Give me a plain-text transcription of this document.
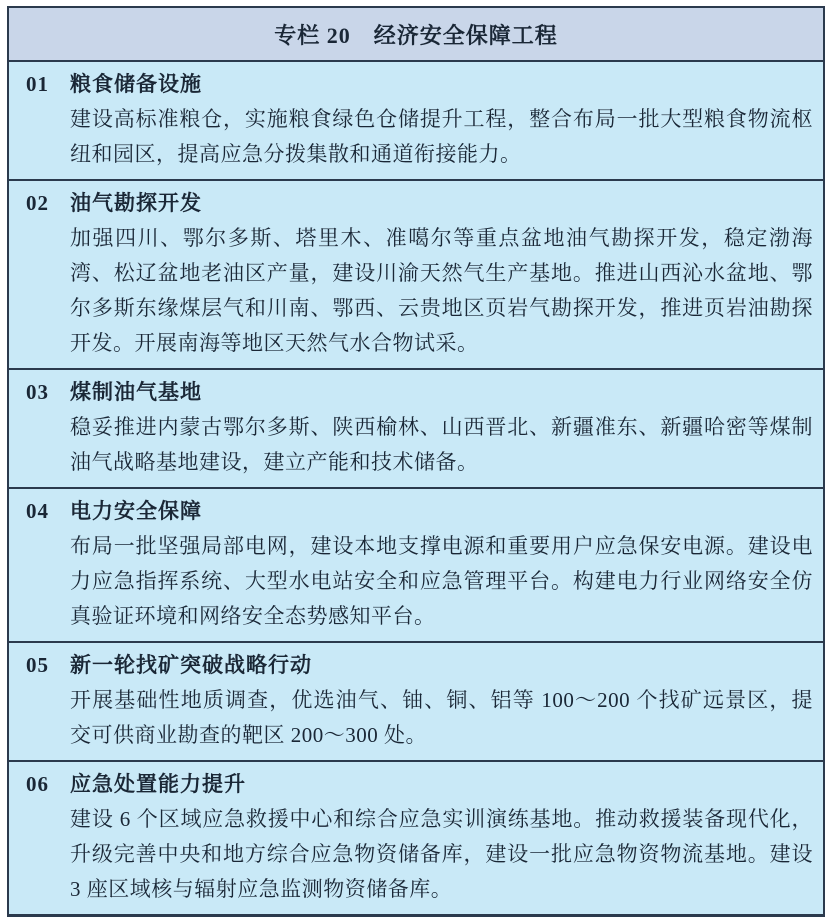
专栏 20　经济安全保障工程
01	粮食储备设施
建设高标准粮仓，实施粮食绿色仓储提升工程，整合布局一批大型粮食物流枢纽和园区，提高应急分拨集散和通道衔接能力。
02	油气勘探开发
加强四川、鄂尔多斯、塔里木、准噶尔等重点盆地油气勘探开发，稳定渤海湾、松辽盆地老油区产量，建设川渝天然气生产基地。推进山西沁水盆地、鄂尔多斯东缘煤层气和川南、鄂西、云贵地区页岩气勘探开发，推进页岩油勘探开发。开展南海等地区天然气水合物试采。
03	煤制油气基地
稳妥推进内蒙古鄂尔多斯、陕西榆林、山西晋北、新疆准东、新疆哈密等煤制油气战略基地建设，建立产能和技术储备。
04	电力安全保障
布局一批坚强局部电网，建设本地支撑电源和重要用户应急保安电源。建设电力应急指挥系统、大型水电站安全和应急管理平台。构建电力行业网络安全仿真验证环境和网络安全态势感知平台。
05	新一轮找矿突破战略行动
开展基础性地质调查，优选油气、铀、铜、铝等 100～200 个找矿远景区，提交可供商业勘查的靶区 200～300 处。
06	应急处置能力提升
建设 6 个区域应急救援中心和综合应急实训演练基地。推动救援装备现代化，升级完善中央和地方综合应急物资储备库，建设一批应急物资物流基地。建设 3 座区域核与辐射应急监测物资储备库。
